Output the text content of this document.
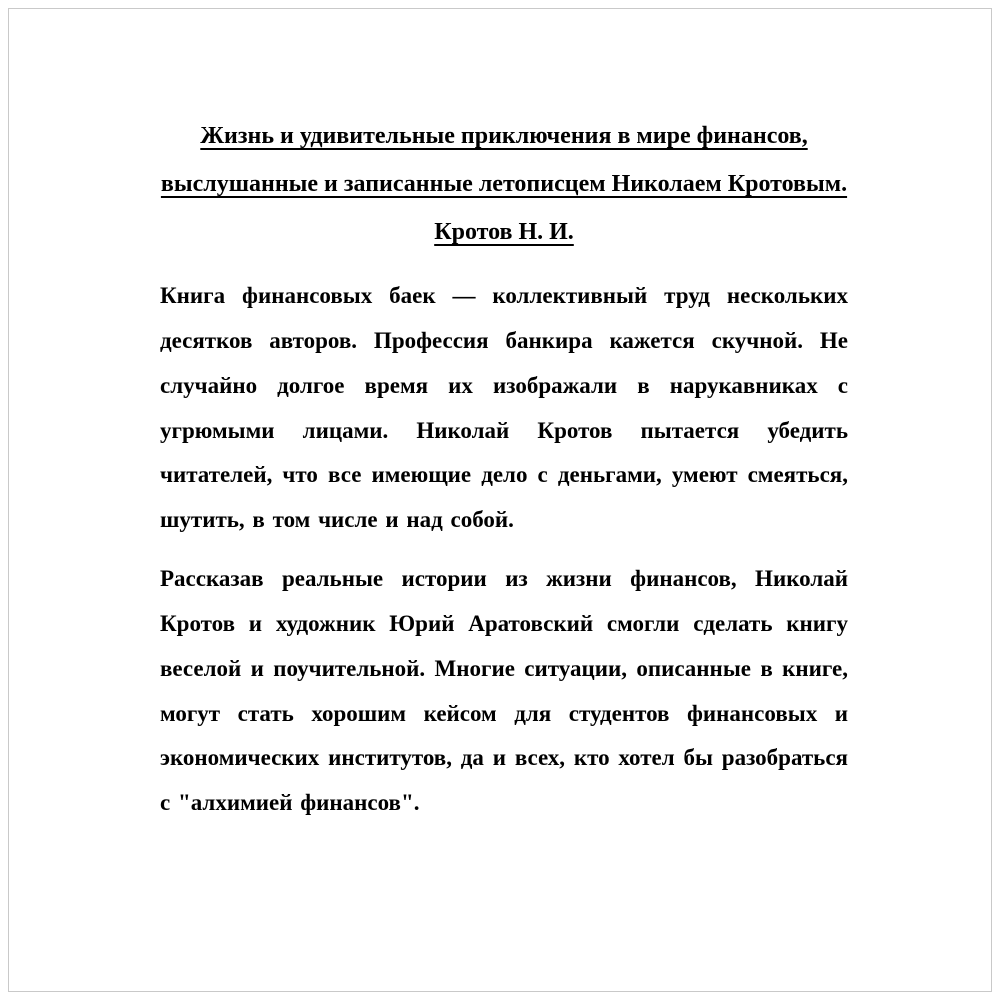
Жизнь и удивительные приключения в мире финансов, выслушанные и записанные летописцем Николаем Кротовым. Кротов Н. И.

Книга финансовых баек — коллективный труд нескольких десятков авторов. Профессия банкира кажется скучной. Не случайно долгое время их изображали в нарукавниках с угрюмыми лицами. Николай Кротов пытается убедить читателей, что все имеющие дело с деньгами, умеют смеяться, шутить, в том числе и над собой.

Рассказав реальные истории из жизни финансов, Николай Кротов и художник Юрий Аратовский смогли сделать книгу веселой и поучительной. Многие ситуации, описанные в книге, могут стать хорошим кейсом для студентов финансовых и экономических институтов, да и всех, кто хотел бы разобраться с "алхимией финансов".
